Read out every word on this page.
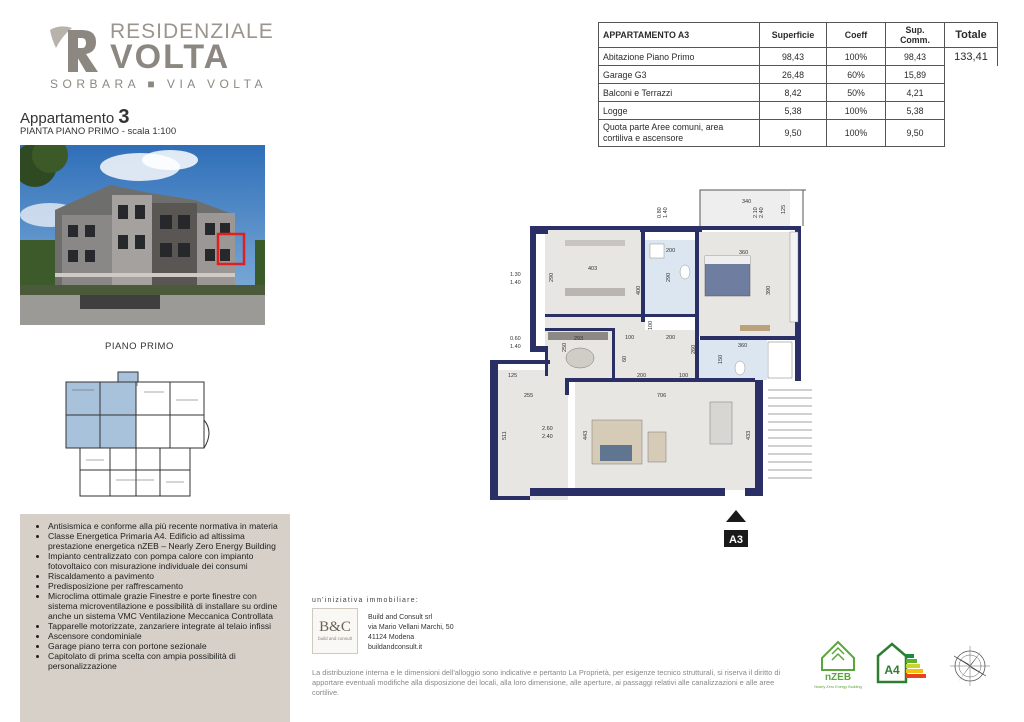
RESIDENZIALE
VOLTA
SORBARA ■ VIA VOLTA
Appartamento 3
PIANTA PIANO PRIMO - scala 1:100
PIANO PRIMO
• Antisismica e conforme alla più recente normativa in materia
• Classe Energetica Primaria A4. Edificio ad altissima prestazione energetica nZEB – Nearly Zero Energy Building
• Impianto centralizzato con pompa calore con impianto fotovoltaico con misurazione individuale dei consumi
• Riscaldamento a pavimento
• Predisposizione per raffrescamento
• Microclima ottimale grazie Finestre e porte finestre con sistema microventilazione e possibilità di installare su ordine anche un sistema VMC Ventilazione Meccanica Controllata
• Tapparelle motorizzate, zanzariere integrate al telaio infissi
• Ascensore condominiale
• Garage piano terra con portone sezionale
• Capitolato di prima scelta con ampia possibilità di personalizzazione
APPARTAMENTO A3	Superficie	Coeff	Sup. Comm.	Totale
Abitazione Piano Primo	98,43	100%	98,43	133,41
Garage G3	26,48	60%	15,89	
Balconi e Terrazzi	8,42	50%	4,21	
Logge	5,38	100%	5,38	
Quota parte Aree comuni, area cortiliva e ascensore	9,50	100%	9,50	
340
125
2.40
2.10
0.80 1.40
403
200	360
290	290
400	390
1.30
1.40
0.60
1.40
293
250
100
100
200
260	360
150
60
200	100
125
255	706
511
2.60
2.40	443	433
A3
un'iniziativa immobiliare:
B&C
build and consult
Build and Consult srl
via Mario Vellani Marchi, 50
41124 Modena
buildandconsult.it
La distribuzione interna e le dimensioni dell'alloggio sono indicative e pertanto La Proprietà, per esigenze tecnico strutturali, si riserva il diritto di apportare eventuali modifiche alla disposizione dei locali, alla loro dimensione, alle aperture, ai passaggi relativi alle canalizzazioni e alle aree cortilive.
nZEB
Nearly Zero Energy Building
A4
